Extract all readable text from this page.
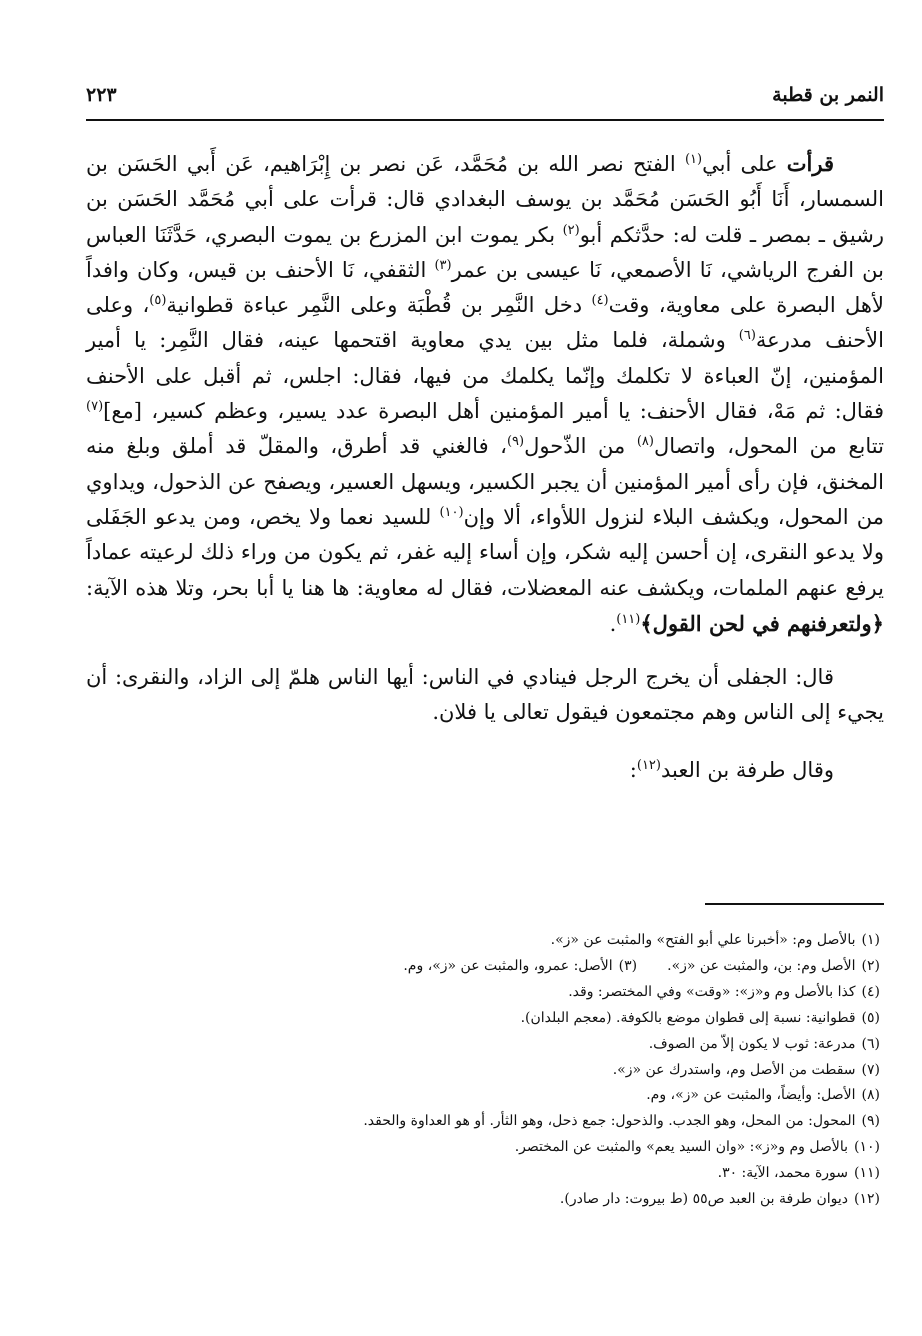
النمر بن قطبة
٢٢٣

قرأت على أبي$^{(١)}$ الفتح نصر الله بن مُحَمَّد، عَن نصر بن إِبْرَاهيم، عَن أَبي الحَسَن بن السمسار، أَنَا أَبُو الحَسَن مُحَمَّد بن يوسف البغدادي قال: قرأت على أبي مُحَمَّد الحَسَن بن رشيق ـ بمصر ـ قلت له: حدَّثكم أبو$^{(٢)}$ بكر يموت ابن المزرع بن يموت البصري، حَدَّثَنَا العباس بن الفرج الرياشي، نَا الأصمعي، نَا عيسى بن عمر$^{(٣)}$ الثقفي، نَا الأحنف بن قيس، وكان وافداً لأهل البصرة على معاوية، وقت$^{(٤)}$ دخل النَّمِر بن قُطْبَة وعلى النَّمِر عباءة قطوانية$^{(٥)}$، وعلى الأحنف مدرعة$^{(٦)}$ وشملة، فلما مثل بين يدي معاوية اقتحمها عينه، فقال النَّمِر: يا أمير المؤمنين، إنّ العباءة لا تكلمك وإنّما يكلمك من فيها، فقال: اجلس، ثم أقبل على الأحنف فقال: ثم مَهْ، فقال الأحنف: يا أمير المؤمنين أهل البصرة عدد يسير، وعظم كسير، [مع]$^{(٧)}$ تتابع من المحول، واتصال$^{(٨)}$ من الذّحول$^{(٩)}$، فالغني قد أطرق، والمقلّ قد أملق وبلغ منه المخنق، فإن رأى أمير المؤمنين أن يجبر الكسير، ويسهل العسير، ويصفح عن الذحول، ويداوي من المحول، ويكشف البلاء لنزول اللأواء، ألا وإن$^{(١٠)}$ للسيد نعما ولا يخص، ومن يدعو الجَفَلى ولا يدعو النقرى، إن أحسن إليه شكر، وإن أساء إليه غفر، ثم يكون من وراء ذلك لرعيته عماداً يرفع عنهم الملمات، ويكشف عنه المعضلات، فقال له معاوية: ها هنا يا أبا بحر، وتلا هذه الآية: ﴿ولتعرفنهم في لحن القول﴾$^{(١١)}$.

قال: الجفلى أن يخرج الرجل فينادي في الناس: أيها الناس هلمّ إلى الزاد، والنقرى: أن يجيء إلى الناس وهم مجتمعون فيقول تعالى يا فلان.

وقال طرفة بن العبد$^{(١٢)}$:

(١)بالأصل وم: «أخبرنا علي أبو الفتح» والمثبت عن «ز».
(٢)الأصل وم: بن، والمثبت عن «ز».(٣)الأصل: عمرو، والمثبت عن «ز»، وم.
(٤)كذا بالأصل وم و«ز»: «وقت» وفي المختصر: وقد.
(٥)قطوانية: نسبة إلى قطوان موضع بالكوفة. (معجم البلدان).
(٦)مدرعة: ثوب لا يكون إلاّ من الصوف.
(٧)سقطت من الأصل وم، واستدرك عن «ز».
(٨)الأصل: وأيضاً، والمثبت عن «ز»، وم.
(٩)المحول: من المحل، وهو الجدب. والذحول: جمع ذحل، وهو الثأر. أو هو العداوة والحقد.
(١٠)بالأصل وم و«ز»: «وان السيد يعم» والمثبت عن المختصر.
(١١)سورة محمد، الآية: ٣٠.
(١٢)ديوان طرفة بن العبد ص٥٥ (ط بيروت: دار صادر).
